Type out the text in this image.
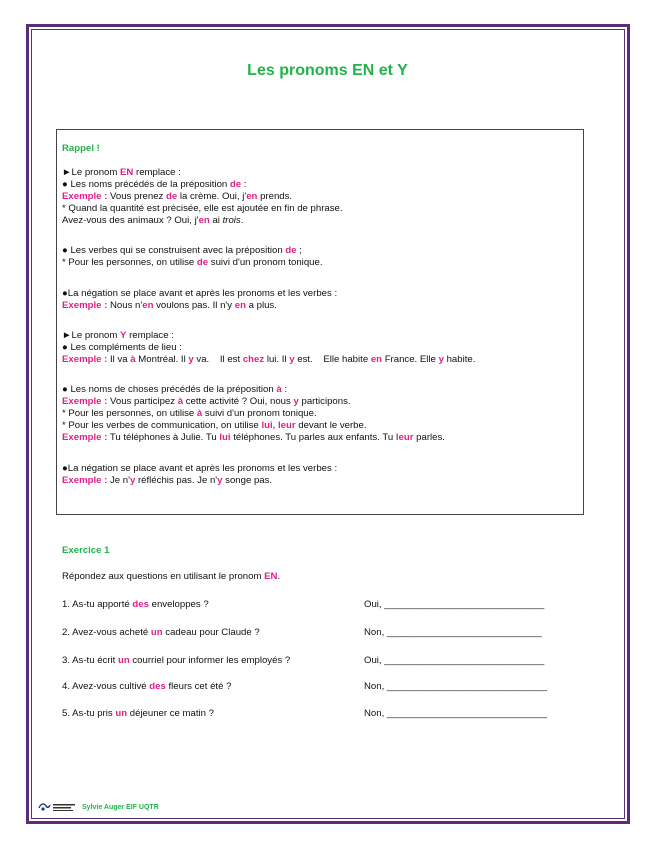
Les pronoms EN et Y
Rappel !
►Le pronom EN remplace :
● Les noms précédés de la préposition de :
Exemple : Vous prenez de la crème. Oui, j'en prends.
* Quand la quantité est précisée, elle est ajoutée en fin de phrase.
Avez-vous des animaux ? Oui, j'en ai trois.
● Les verbes qui se construisent avec la préposition de ;
* Pour les personnes, on utilise de suivi d'un pronom tonique.
●La négation se place avant et après les pronoms et les verbes :
Exemple : Nous n'en voulons pas. Il n'y en a plus.
►Le pronom Y remplace :
● Les compléments de lieu :
Exemple : Il va à Montréal. Il y va.    Il est chez lui. Il y est.    Elle habite en France. Elle y habite.
● Les noms de choses précédés de la préposition à :
Exemple : Vous participez à cette activité ? Oui, nous y participons.
* Pour les personnes, on utilise à suivi d'un pronom tonique.
* Pour les verbes de communication, on utilise lui, leur devant le verbe.
Exemple : Tu téléphones à Julie. Tu lui téléphones. Tu parles aux enfants. Tu leur parles.
●La négation se place avant et après les pronoms et les verbes :
Exemple : Je n'y réfléchis pas. Je n'y songe pas.
Exercice 1
Répondez aux questions en utilisant le pronom EN.
1. As-tu apporté des enveloppes ?	Oui, ______________________________
2. Avez-vous acheté un cadeau pour Claude ?	Non, _____________________________
3. As-tu écrit un courriel pour informer les employés ?	Oui, ______________________________
4. Avez-vous cultivé des fleurs cet été ?	Non, ______________________________
5. As-tu pris un déjeuner ce matin ?	Non, ______________________________
Sylvie Auger EIF UQTR
